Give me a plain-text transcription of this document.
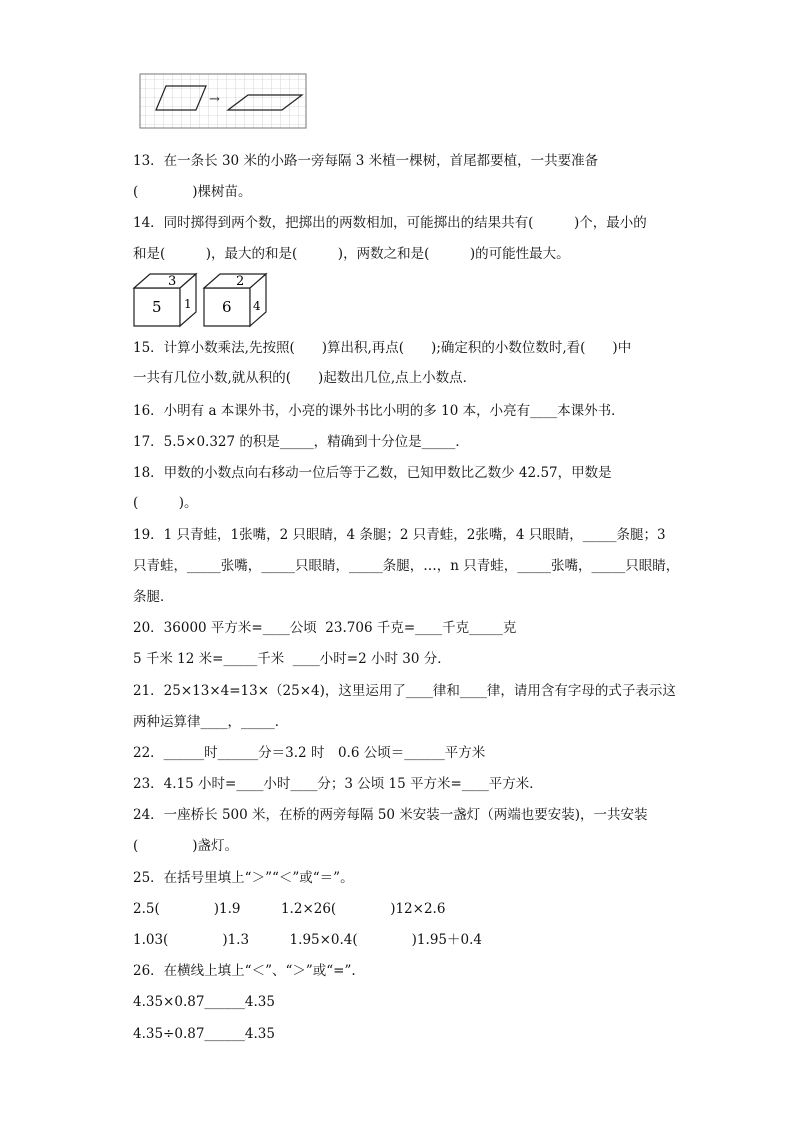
→
5
3
1 6
2
4
13．在一条长 30 米的小路一旁每隔 3 米植一棵树，首尾都要植，一共要准备
(　　　　)棵树苗。
14．同时掷得到两个数，把掷出的两数相加，可能掷出的结果共有(　　　)个，最小的
和是(　　　)，最大的和是(　　　)，两数之和是(　　　)的可能性最大。
15．计算小数乘法,先按照(　　)算出积,再点(　　);确定积的小数位数时,看(　　)中
一共有几位小数,就从积的(　　)起数出几位,点上小数点．
16．小明有 a 本课外书，小亮的课外书比小明的多 10 本，小亮有____本课外书．
17．5.5×0.327 的积是_____，精确到十分位是_____．
18．甲数的小数点向右移动一位后等于乙数，已知甲数比乙数少 42.57，甲数是
(　　　)。
19．1 只青蛙，1张嘴，2 只眼睛，4 条腿；2 只青蛙，2张嘴，4 只眼睛，_____条腿；3
只青蛙，_____张嘴，_____只眼睛，_____条腿，…，n 只青蛙，_____张嘴，_____只眼睛，
条腿．
20．36000 平方米=____公顷  23.706 千克=____千克_____克
5 千米 12 米=_____千米  ____小时=2 小时 30 分．
21．25×13×4=13×（25×4)，这里运用了____律和____律，请用含有字母的式子表示这
两种运算律____，_____．
22．______时______分＝3.2 时　0.6 公顷＝______平方米
23．4.15 小时=____小时____分；3 公顷 15 平方米=____平方米．
24．一座桥长 500 米，在桥的两旁每隔 50 米安装一盏灯（两端也要安装)，一共安装
(　　　　)盏灯。
25．在括号里填上“＞”“＜”或“＝”。
2.5(　　　　)1.9　　　1.2×26(　　　　)12×2.6
1.03(　　　　)1.3　　　1.95×0.4(　　　　)1.95＋0.4
26．在横线上填上“＜”、“＞”或“=”.
4.35×0.87______4.35
4.35÷0.87______4.35
